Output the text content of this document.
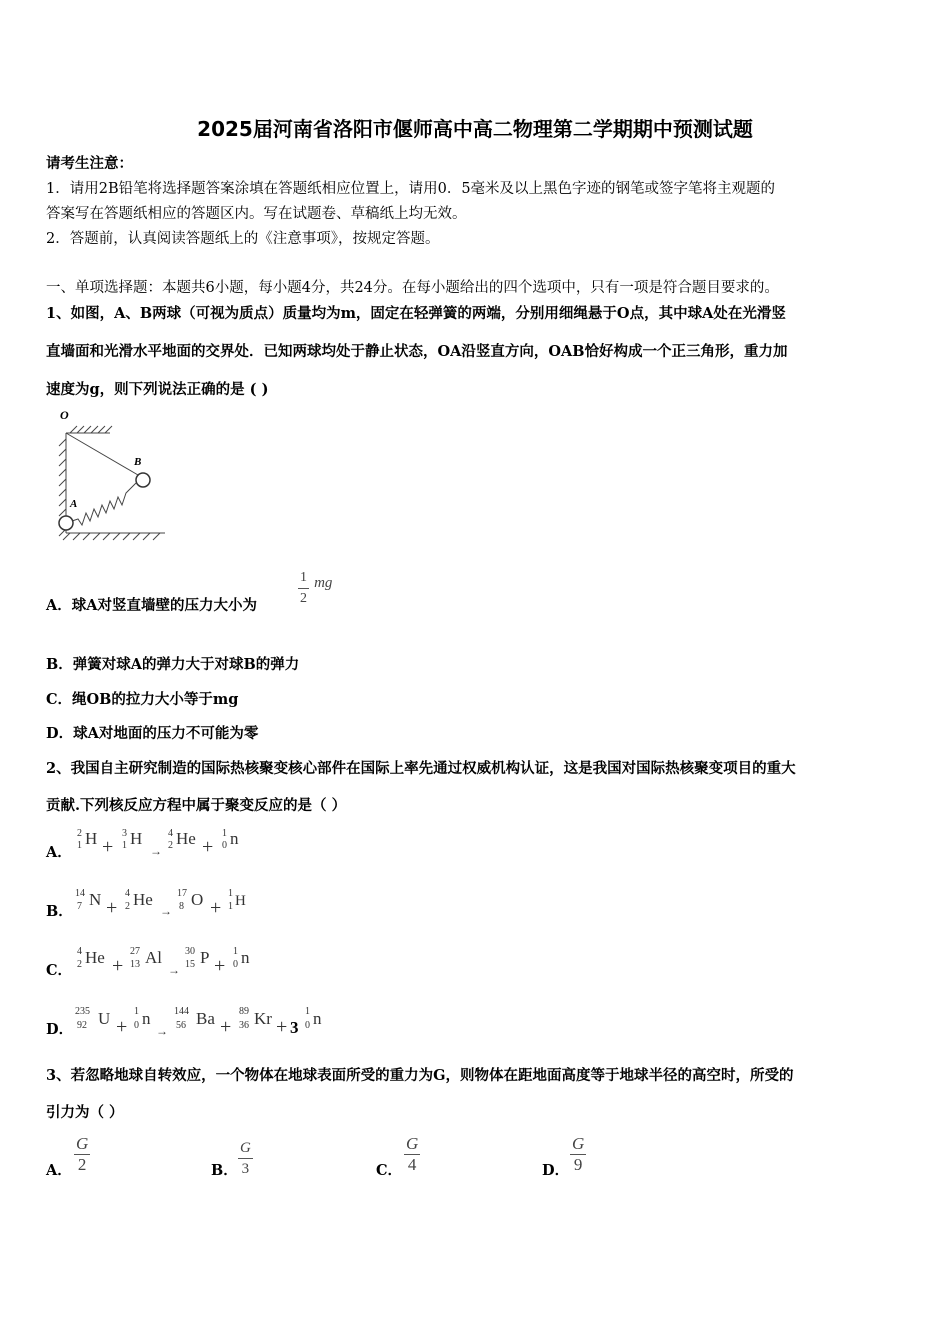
2025届河南省洛阳市偃师高中高二物理第二学期期中预测试题
请考生注意：
1．请用2B铅笔将选择题答案涂填在答题纸相应位置上，请用0．5毫米及以上黑色字迹的钢笔或签字笔将主观题的
答案写在答题纸相应的答题区内。写在试题卷、草稿纸上均无效。
2．答题前，认真阅读答题纸上的《注意事项》，按规定答题。
一、单项选择题：本题共6小题，每小题4分，共24分。在每小题给出的四个选项中，只有一项是符合题目要求的。
1、如图，A、B两球（可视为质点）质量均为m，固定在轻弹簧的两端，分别用细绳悬于O点，其中球A处在光滑竖
直墙面和光滑水平地面的交界处．已知两球均处于静止状态，OA沿竖直方向，OAB恰好构成一个正三角形，重力加
速度为g，则下列说法正确的是 ( )
O
A
B
A．球A对竖直墙壁的压力大小为	$\frac{1}{2}$ mg
B．弹簧对球A的弹力大于对球B的弹力
C．绳OB的拉力大小等于mg
D．球A对地面的压力不可能为零
2、我国自主研究制造的国际热核聚变核心部件在国际上率先通过权威机构认证，这是我国对国际热核聚变项目的重大
贡献.下列核反应方程中属于聚变反应的是（ ）
A．
2
1 H +
3
1 H
→
4
2 He +
1
0 n
B．
14
7 N +
4
2 He
→
17
8 O +
1
1 H
C．
4
2 He +
27
13 Al
→
30
15 P +
1
0 n
D．
235
92 U +
1
0 n
→
144
56 Ba +
89
36 Kr + 3
1
0 n
3、若忽略地球自转效应，一个物体在地球表面所受的重力为G，则物体在距地面高度等于地球半径的高空时，所受的
引力为（ ）
A． $\frac{G}{2}$	B． $\frac{G}{3}$	C． $\frac{G}{4}$	D． $\frac{G}{9}$
